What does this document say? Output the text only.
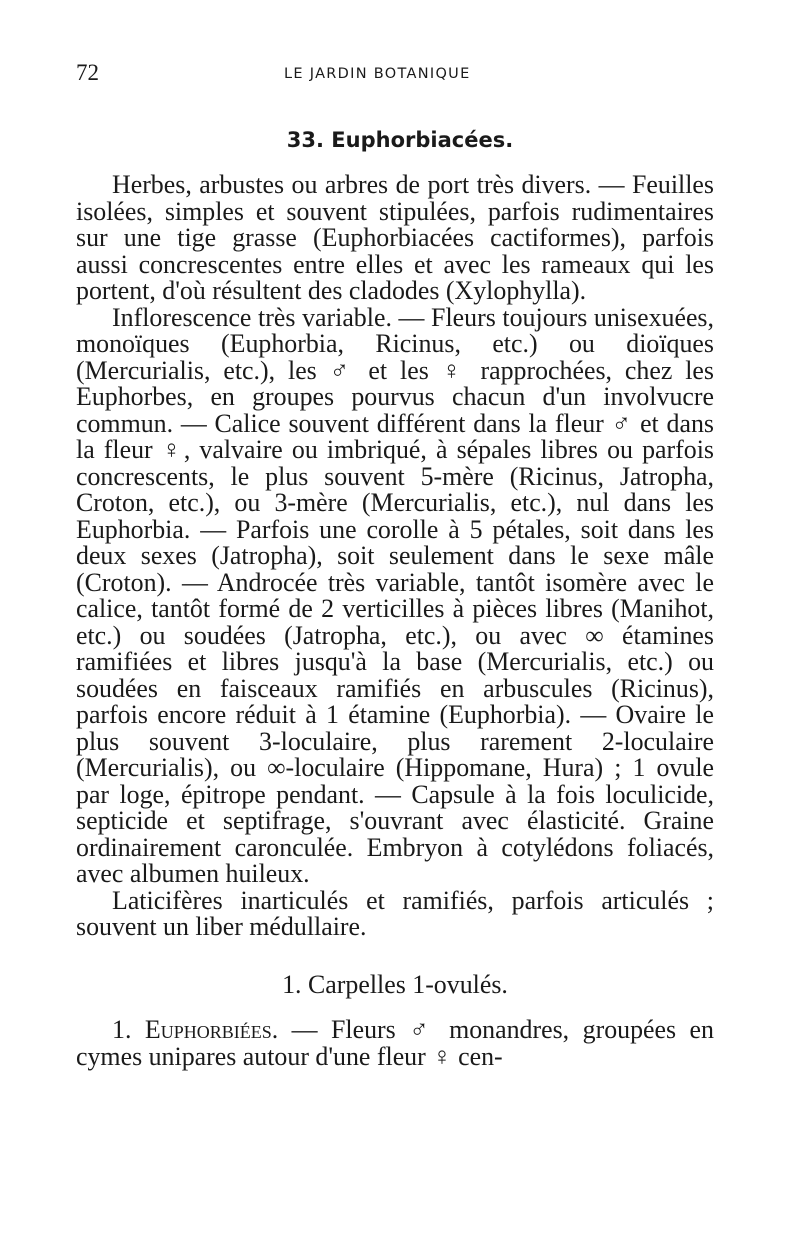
72	LE JARDIN BOTANIQUE
33. Euphorbiacées.

Herbes, arbustes ou arbres de port très divers. — Feuilles isolées, simples et souvent stipulées, parfois rudimentaires sur une tige grasse (Euphorbiacées cactiformes), parfois aussi concrescentes entre elles et avec les rameaux qui les portent, d'où résultent des cladodes (Xylophylla).

Inflorescence très variable. — Fleurs toujours unisexuées, monoïques (Euphorbia, Ricinus, etc.) ou dioïques (Mercurialis, etc.), les ♂ et les ♀ rapprochées, chez les Euphorbes, en groupes pourvus chacun d'un involvucre commun. — Calice souvent différent dans la fleur ♂ et dans la fleur ♀, valvaire ou imbriqué, à sépales libres ou parfois concrescents, le plus souvent 5-mère (Ricinus, Jatropha, Croton, etc.), ou 3-mère (Mercurialis, etc.), nul dans les Euphorbia. — Parfois une corolle à 5 pétales, soit dans les deux sexes (Jatropha), soit seulement dans le sexe mâle (Croton). — Androcée très variable, tantôt isomère avec le calice, tantôt formé de 2 verticilles à pièces libres (Manihot, etc.) ou soudées (Jatropha, etc.), ou avec ∞ étamines ramifiées et libres jusqu'à la base (Mercurialis, etc.) ou soudées en faisceaux ramifiés en arbuscules (Ricinus), parfois encore réduit à 1 étamine (Euphorbia). — Ovaire le plus souvent 3-loculaire, plus rarement 2-loculaire (Mercurialis), ou ∞-loculaire (Hippomane, Hura) ; 1 ovule par loge, épitrope pendant. — Capsule à la fois loculicide, septicide et septifrage, s'ouvrant avec élasticité. Graine ordinairement caronculée. Embryon à cotylédons foliacés, avec albumen huileux.

Laticifères inarticulés et ramifiés, parfois articulés ; souvent un liber médullaire.

1. Carpelles 1-ovulés.

1. Euphorbiées. — Fleurs ♂ monandres, groupées en cymes unipares autour d'une fleur ♀ cen-
